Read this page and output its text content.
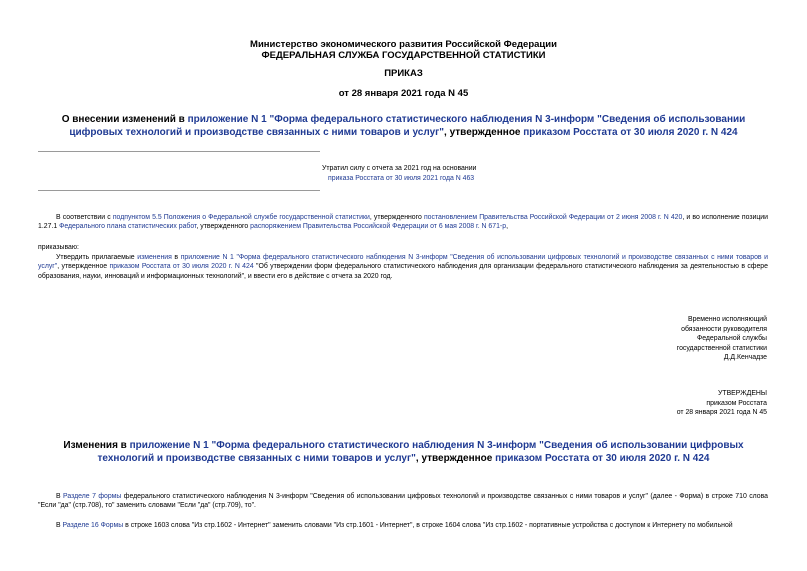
Министерство экономического развития Российской Федерации
ФЕДЕРАЛЬНАЯ СЛУЖБА ГОСУДАРСТВЕННОЙ СТАТИСТИКИ
ПРИКАЗ
от 28 января 2021 года N 45
О внесении изменений в приложение N 1 "Форма федерального статистического наблюдения N 3-информ "Сведения об использовании цифровых технологий и производстве связанных с ними товаров и услуг", утвержденное приказом Росстата от 30 июля 2020 г. N 424
Утратил силу с отчета за 2021 год на основании
приказа Росстата от 30 июля 2021 года N 463
В соответствии с подпунктом 5.5 Положения о Федеральной службе государственной статистики, утвержденного постановлением Правительства Российской Федерации от 2 июня 2008 г. N 420, и во исполнение позиции 1.27.1 Федерального плана статистических работ, утвержденного распоряжением Правительства Российской Федерации от 6 мая 2008 г. N 671-р,
приказываю:
Утвердить прилагаемые изменения в приложение N 1 "Форма федерального статистического наблюдения N 3-информ "Сведения об использовании цифровых технологий и производстве связанных с ними товаров и услуг", утвержденное приказом Росстата от 30 июля 2020 г. N 424 "Об утверждении форм федерального статистического наблюдения для организации федерального статистического наблюдения за деятельностью в сфере образования, науки, инноваций и информационных технологий", и ввести его в действие с отчета за 2020 год.
Временно исполняющий
обязанности руководителя
Федеральной службы
государственной статистики
Д.Д.Кенчадзе
УТВЕРЖДЕНЫ
приказом Росстата
от 28 января 2021 года N 45
Изменения в приложение N 1 "Форма федерального статистического наблюдения N 3-информ "Сведения об использовании цифровых технологий и производстве связанных с ними товаров и услуг", утвержденное приказом Росстата от 30 июля 2020 г. N 424
В Разделе 7 формы федерального статистического наблюдения N 3-информ "Сведения об использовании цифровых технологий и производстве связанных с ними товаров и услуг" (далее - Форма) в строке 710 слова "Если "да" (стр.708), то" заменить словами "Если "да" (стр.709), то".
В Разделе 16 Формы в строке 1603 слова "Из стр.1602 - Интернет" заменить словами "Из стр.1601 - Интернет", в строке 1604 слова "Из стр.1602 - портативные устройства с доступом к Интернету по мобильной
